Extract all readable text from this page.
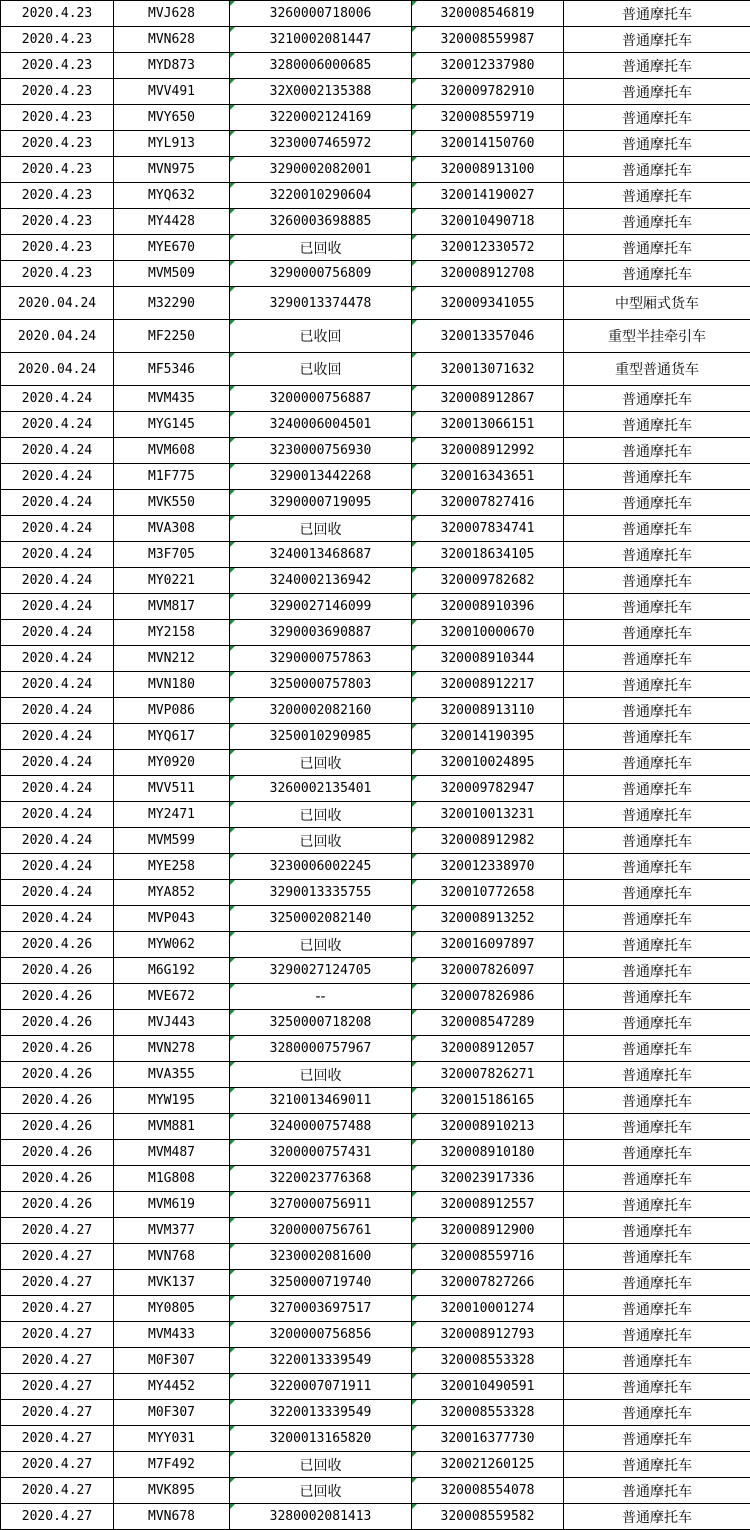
2020.4.23	MVJ628	3260000718006	320008546819	普通摩托车
2020.4.23	MVN628	3210002081447	320008559987	普通摩托车
2020.4.23	MYD873	3280006000685	320012337980	普通摩托车
2020.4.23	MVV491	32X0002135388	320009782910	普通摩托车
2020.4.23	MVY650	3220002124169	320008559719	普通摩托车
2020.4.23	MYL913	3230007465972	320014150760	普通摩托车
2020.4.23	MVN975	3290002082001	320008913100	普通摩托车
2020.4.23	MYQ632	3220010290604	320014190027	普通摩托车
2020.4.23	MY4428	3260003698885	320010490718	普通摩托车
2020.4.23	MYE670	已回收	320012330572	普通摩托车
2020.4.23	MVM509	3290000756809	320008912708	普通摩托车
2020.04.24	M32290	3290013374478	320009341055	中型厢式货车
2020.04.24	MF2250	已收回	320013357046	重型半挂牵引车
2020.04.24	MF5346	已收回	320013071632	重型普通货车
2020.4.24	MVM435	3200000756887	320008912867	普通摩托车
2020.4.24	MYG145	3240006004501	320013066151	普通摩托车
2020.4.24	MVM608	3230000756930	320008912992	普通摩托车
2020.4.24	M1F775	3290013442268	320016343651	普通摩托车
2020.4.24	MVK550	3290000719095	320007827416	普通摩托车
2020.4.24	MVA308	已回收	320007834741	普通摩托车
2020.4.24	M3F705	3240013468687	320018634105	普通摩托车
2020.4.24	MY0221	3240002136942	320009782682	普通摩托车
2020.4.24	MVM817	3290027146099	320008910396	普通摩托车
2020.4.24	MY2158	3290003690887	320010000670	普通摩托车
2020.4.24	MVN212	3290000757863	320008910344	普通摩托车
2020.4.24	MVN180	3250000757803	320008912217	普通摩托车
2020.4.24	MVP086	3200002082160	320008913110	普通摩托车
2020.4.24	MYQ617	3250010290985	320014190395	普通摩托车
2020.4.24	MY0920	已回收	320010024895	普通摩托车
2020.4.24	MVV511	3260002135401	320009782947	普通摩托车
2020.4.24	MY2471	已回收	320010013231	普通摩托车
2020.4.24	MVM599	已回收	320008912982	普通摩托车
2020.4.24	MYE258	3230006002245	320012338970	普通摩托车
2020.4.24	MYA852	3290013335755	320010772658	普通摩托车
2020.4.24	MVP043	3250002082140	320008913252	普通摩托车
2020.4.26	MYW062	已回收	320016097897	普通摩托车
2020.4.26	M6G192	3290027124705	320007826097	普通摩托车
2020.4.26	MVE672	--	320007826986	普通摩托车
2020.4.26	MVJ443	3250000718208	320008547289	普通摩托车
2020.4.26	MVN278	3280000757967	320008912057	普通摩托车
2020.4.26	MVA355	已回收	320007826271	普通摩托车
2020.4.26	MYW195	3210013469011	320015186165	普通摩托车
2020.4.26	MVM881	3240000757488	320008910213	普通摩托车
2020.4.26	MVM487	3200000757431	320008910180	普通摩托车
2020.4.26	M1G808	3220023776368	320023917336	普通摩托车
2020.4.26	MVM619	3270000756911	320008912557	普通摩托车
2020.4.27	MVM377	3200000756761	320008912900	普通摩托车
2020.4.27	MVN768	3230002081600	320008559716	普通摩托车
2020.4.27	MVK137	3250000719740	320007827266	普通摩托车
2020.4.27	MY0805	3270003697517	320010001274	普通摩托车
2020.4.27	MVM433	3200000756856	320008912793	普通摩托车
2020.4.27	M0F307	3220013339549	320008553328	普通摩托车
2020.4.27	MY4452	3220007071911	320010490591	普通摩托车
2020.4.27	M0F307	3220013339549	320008553328	普通摩托车
2020.4.27	MYY031	3200013165820	320016377730	普通摩托车
2020.4.27	M7F492	已回收	320021260125	普通摩托车
2020.4.27	MVK895	已回收	320008554078	普通摩托车
2020.4.27	MVN678	3280002081413	320008559582	普通摩托车
